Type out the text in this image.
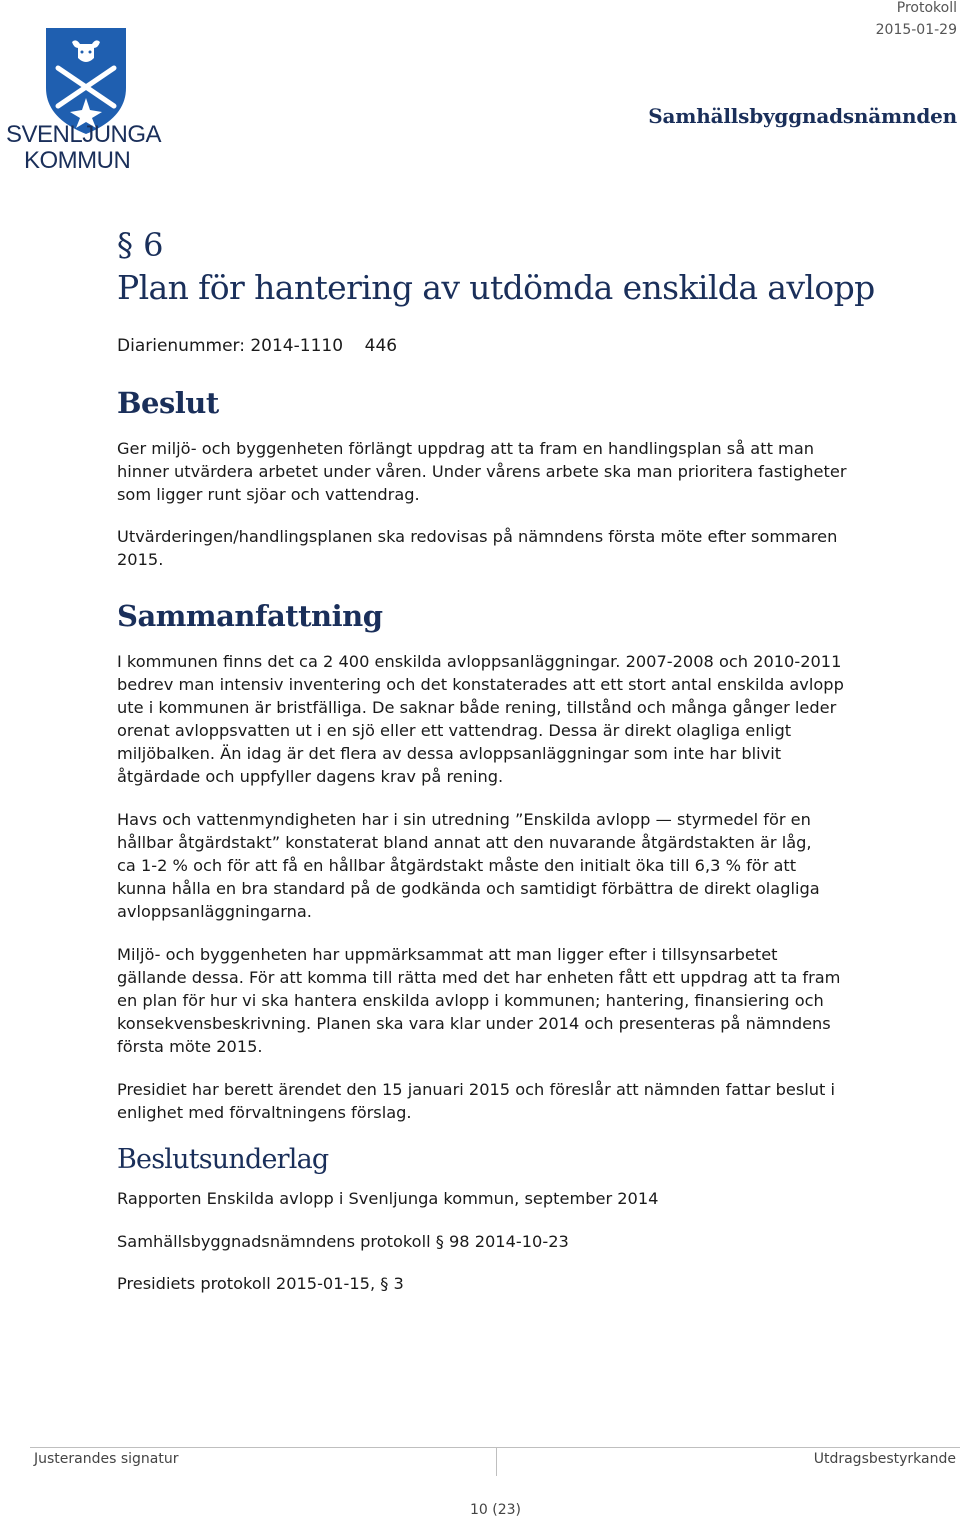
Protokoll
2015-01-29
Samhällsbyggnadsnämnden
SVENLJUNGA
KOMMUN
§ 6
Plan för hantering av utdömda enskilda avlopp
Diarienummer: 2014-1110 446
Beslut
Ger miljö- och byggenheten förlängt uppdrag att ta fram en handlingsplan så att man
hinner utvärdera arbetet under våren. Under vårens arbete ska man prioritera fastigheter
som ligger runt sjöar och vattendrag.
Utvärderingen/handlingsplanen ska redovisas på nämndens första möte efter sommaren
2015.
Sammanfattning
I kommunen finns det ca 2 400 enskilda avloppsanläggningar. 2007-2008 och 2010-2011
bedrev man intensiv inventering och det konstaterades att ett stort antal enskilda avlopp
ute i kommunen är bristfälliga. De saknar både rening, tillstånd och många gånger leder
orenat avloppsvatten ut i en sjö eller ett vattendrag. Dessa är direkt olagliga enligt
miljöbalken. Än idag är det flera av dessa avloppsanläggningar som inte har blivit
åtgärdade och uppfyller dagens krav på rening.
Havs och vattenmyndigheten har i sin utredning ”Enskilda avlopp — styrmedel för en
hållbar åtgärdstakt” konstaterat bland annat att den nuvarande åtgärdstakten är låg,
ca 1-2 % och för att få en hållbar åtgärdstakt måste den initialt öka till 6,3 % för att
kunna hålla en bra standard på de godkända och samtidigt förbättra de direkt olagliga
avloppsanläggningarna.
Miljö- och byggenheten har uppmärksammat att man ligger efter i tillsynsarbetet
gällande dessa. För att komma till rätta med det har enheten fått ett uppdrag att ta fram
en plan för hur vi ska hantera enskilda avlopp i kommunen; hantering, finansiering och
konsekvensbeskrivning. Planen ska vara klar under 2014 och presenteras på nämndens
första möte 2015.
Presidiet har berett ärendet den 15 januari 2015 och föreslår att nämnden fattar beslut i
enlighet med förvaltningens förslag.
Beslutsunderlag
Rapporten Enskilda avlopp i Svenljunga kommun, september 2014
Samhällsbyggnadsnämndens protokoll § 98 2014-10-23
Presidiets protokoll 2015-01-15, § 3
Justerandes signatur	Utdragsbestyrkande
10 (23)
